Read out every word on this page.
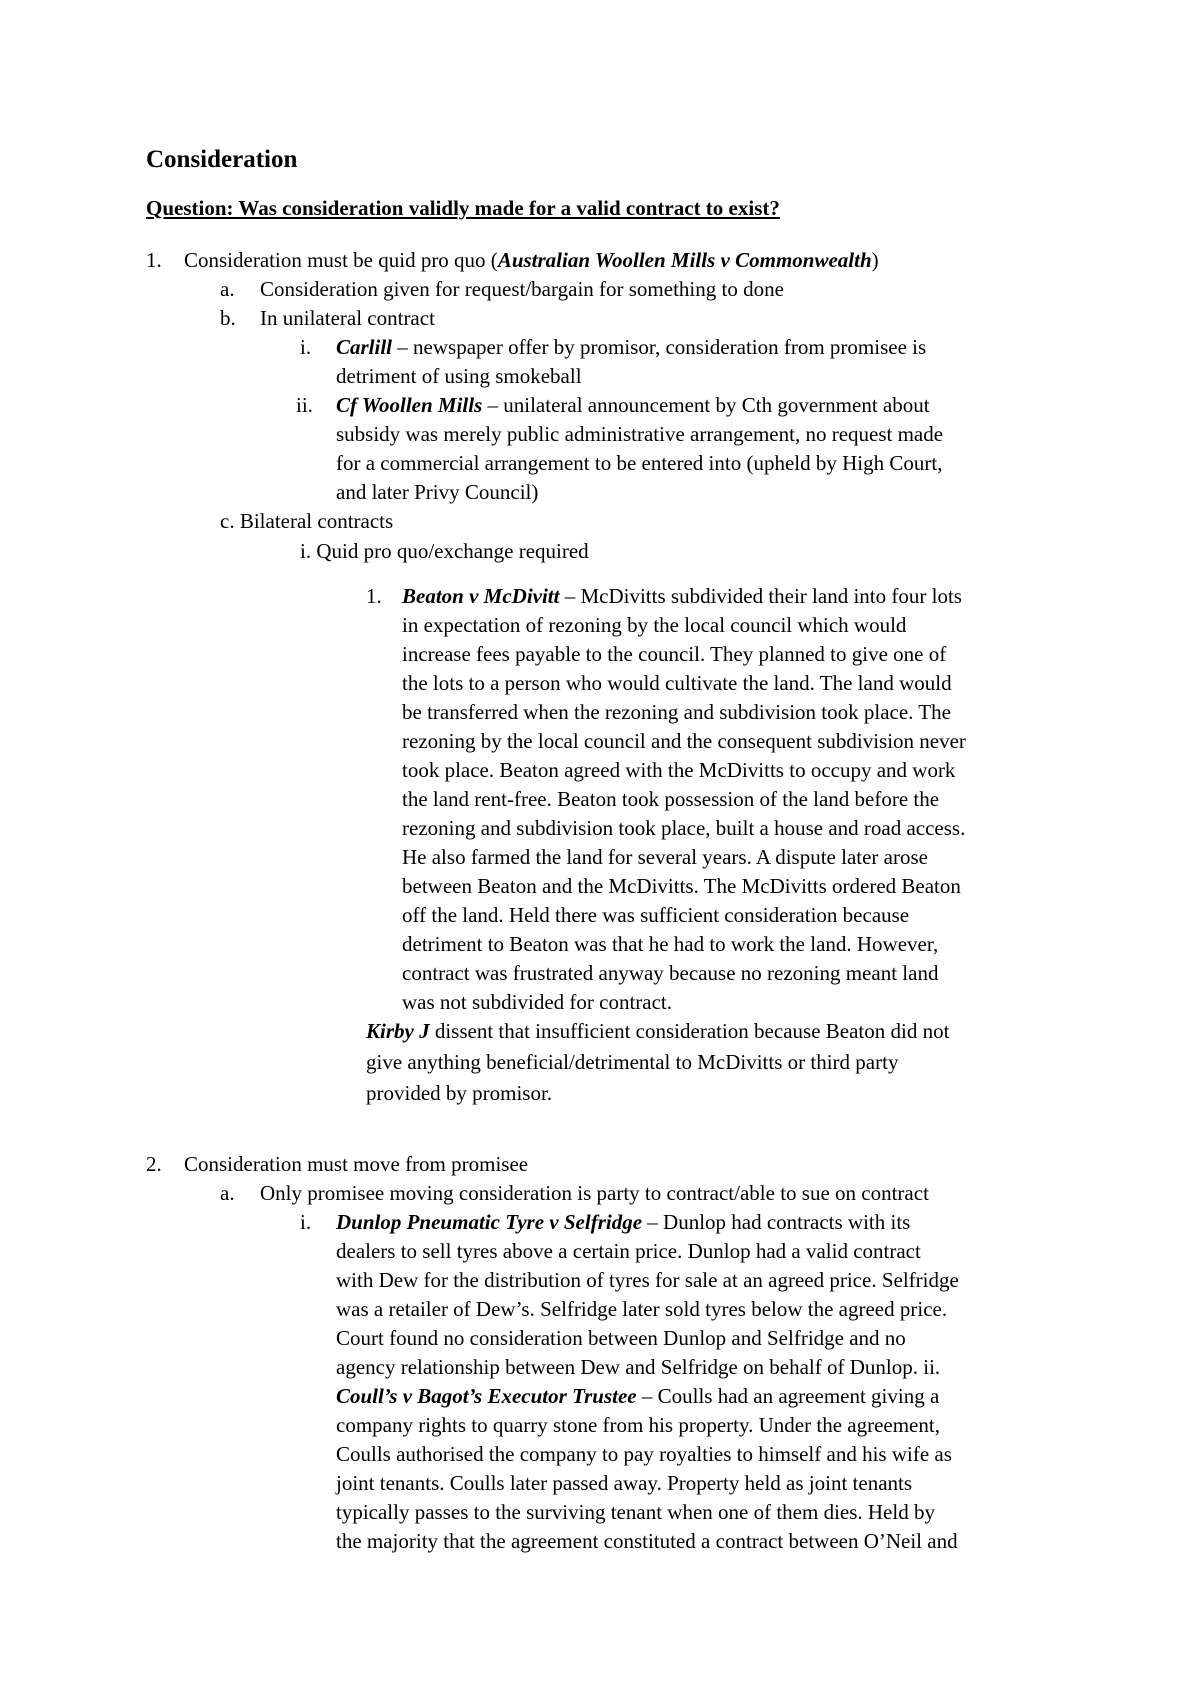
Consideration
Question: Was consideration validly made for a valid contract to exist?
1. Consideration must be quid pro quo (Australian Woollen Mills v Commonwealth)
a. Consideration given for request/bargain for something to done
b. In unilateral contract
i. Carlill – newspaper offer by promisor, consideration from promisee is
detriment of using smokeball
ii. Cf Woollen Mills – unilateral announcement by Cth government about
subsidy was merely public administrative arrangement, no request made
for a commercial arrangement to be entered into (upheld by High Court,
and later Privy Council)
c. Bilateral contracts
i. Quid pro quo/exchange required
1. Beaton v McDivitt – McDivitts subdivided their land into four lots
in expectation of rezoning by the local council which would
increase fees payable to the council. They planned to give one of
the lots to a person who would cultivate the land. The land would
be transferred when the rezoning and subdivision took place. The
rezoning by the local council and the consequent subdivision never
took place. Beaton agreed with the McDivitts to occupy and work
the land rent-free. Beaton took possession of the land before the
rezoning and subdivision took place, built a house and road access.
He also farmed the land for several years. A dispute later arose
between Beaton and the McDivitts. The McDivitts ordered Beaton
off the land. Held there was sufficient consideration because
detriment to Beaton was that he had to work the land. However,
contract was frustrated anyway because no rezoning meant land
was not subdivided for contract.
Kirby J dissent that insufficient consideration because Beaton did not
give anything beneficial/detrimental to McDivitts or third party
provided by promisor.
2. Consideration must move from promisee
a. Only promisee moving consideration is party to contract/able to sue on contract
i. Dunlop Pneumatic Tyre v Selfridge – Dunlop had contracts with its
dealers to sell tyres above a certain price. Dunlop had a valid contract
with Dew for the distribution of tyres for sale at an agreed price. Selfridge
was a retailer of Dew’s. Selfridge later sold tyres below the agreed price.
Court found no consideration between Dunlop and Selfridge and no
agency relationship between Dew and Selfridge on behalf of Dunlop. ii.
Coull’s v Bagot’s Executor Trustee – Coulls had an agreement giving a
company rights to quarry stone from his property. Under the agreement,
Coulls authorised the company to pay royalties to himself and his wife as
joint tenants. Coulls later passed away. Property held as joint tenants
typically passes to the surviving tenant when one of them dies. Held by
the majority that the agreement constituted a contract between O’Neil and
